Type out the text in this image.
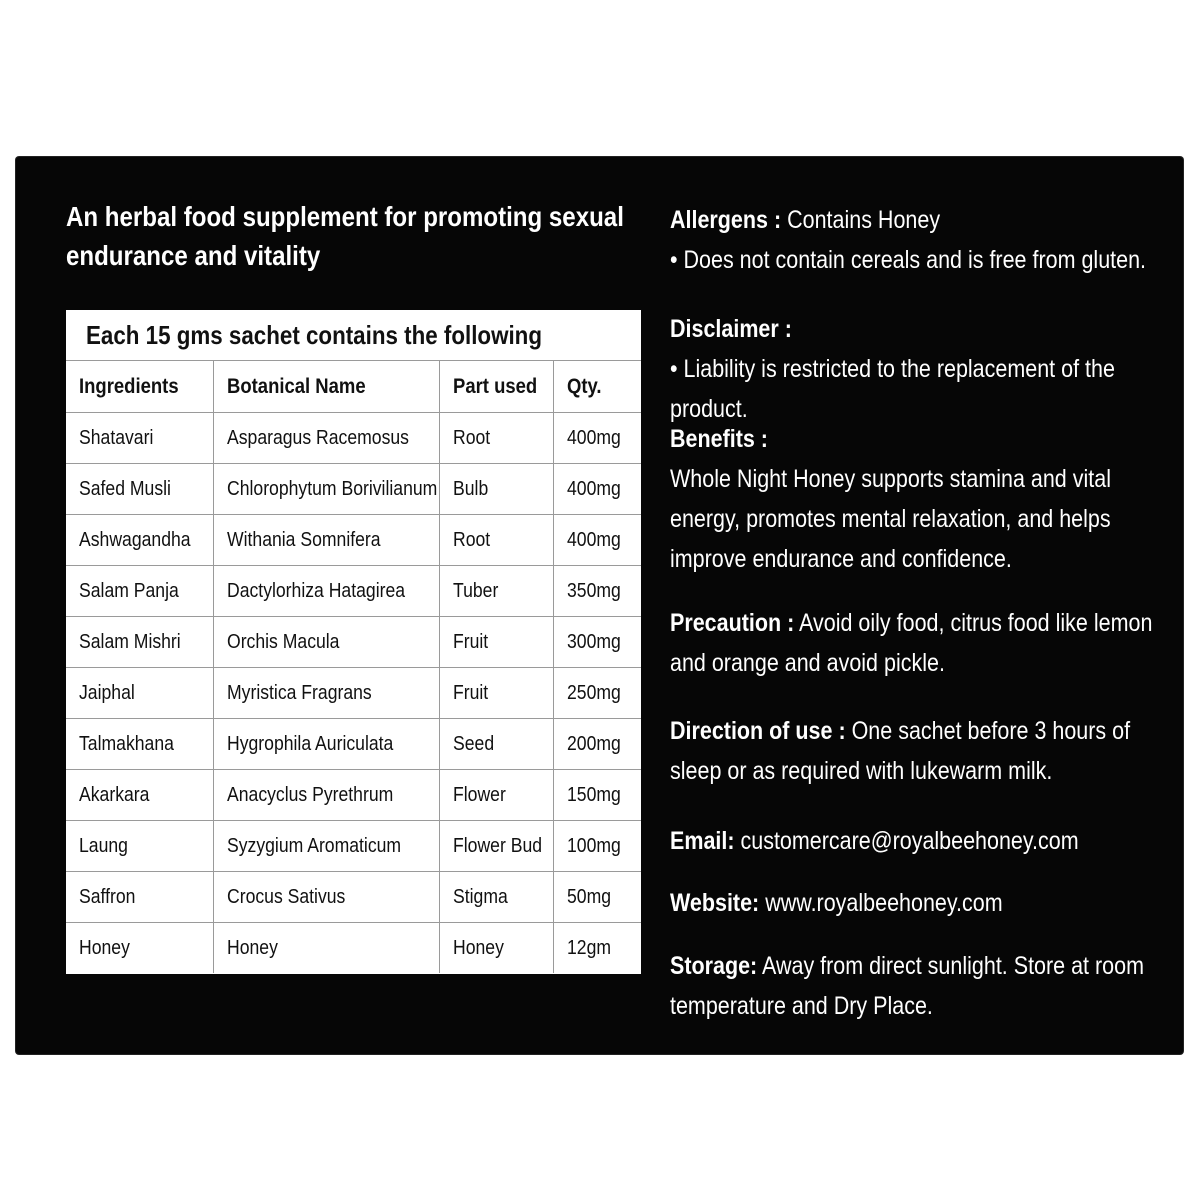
An herbal food supplement for promoting sexual endurance and vitality
Each 15 gms sachet contains the following
Ingredients	Botanical Name	Part used	Qty.
Shatavari	Asparagus Racemosus	Root	400mg
Safed Musli	Chlorophytum Borivilianum	Bulb	400mg
Ashwagandha	Withania Somnifera	Root	400mg
Salam Panja	Dactylorhiza Hatagirea	Tuber	350mg
Salam Mishri	Orchis Macula	Fruit	300mg
Jaiphal	Myristica Fragrans	Fruit	250mg
Talmakhana	Hygrophila Auriculata	Seed	200mg
Akarkara	Anacyclus Pyrethrum	Flower	150mg
Laung	Syzygium Aromaticum	Flower Bud	100mg
Saffron	Crocus Sativus	Stigma	50mg
Honey	Honey	Honey	12gm
Allergens : Contains Honey
• Does not contain cereals and is free from gluten.
Disclaimer :
• Liability is restricted to the replacement of the product.
Benefits :
Whole Night Honey supports stamina and vital energy, promotes mental relaxation, and helps improve endurance and confidence.
Precaution : Avoid oily food, citrus food like lemon and orange and avoid pickle.
Direction of use : One sachet before 3 hours of sleep or as required with lukewarm milk.
Email: customercare@royalbeehoney.com
Website: www.royalbeehoney.com
Storage: Away from direct sunlight. Store at room temperature and Dry Place.
